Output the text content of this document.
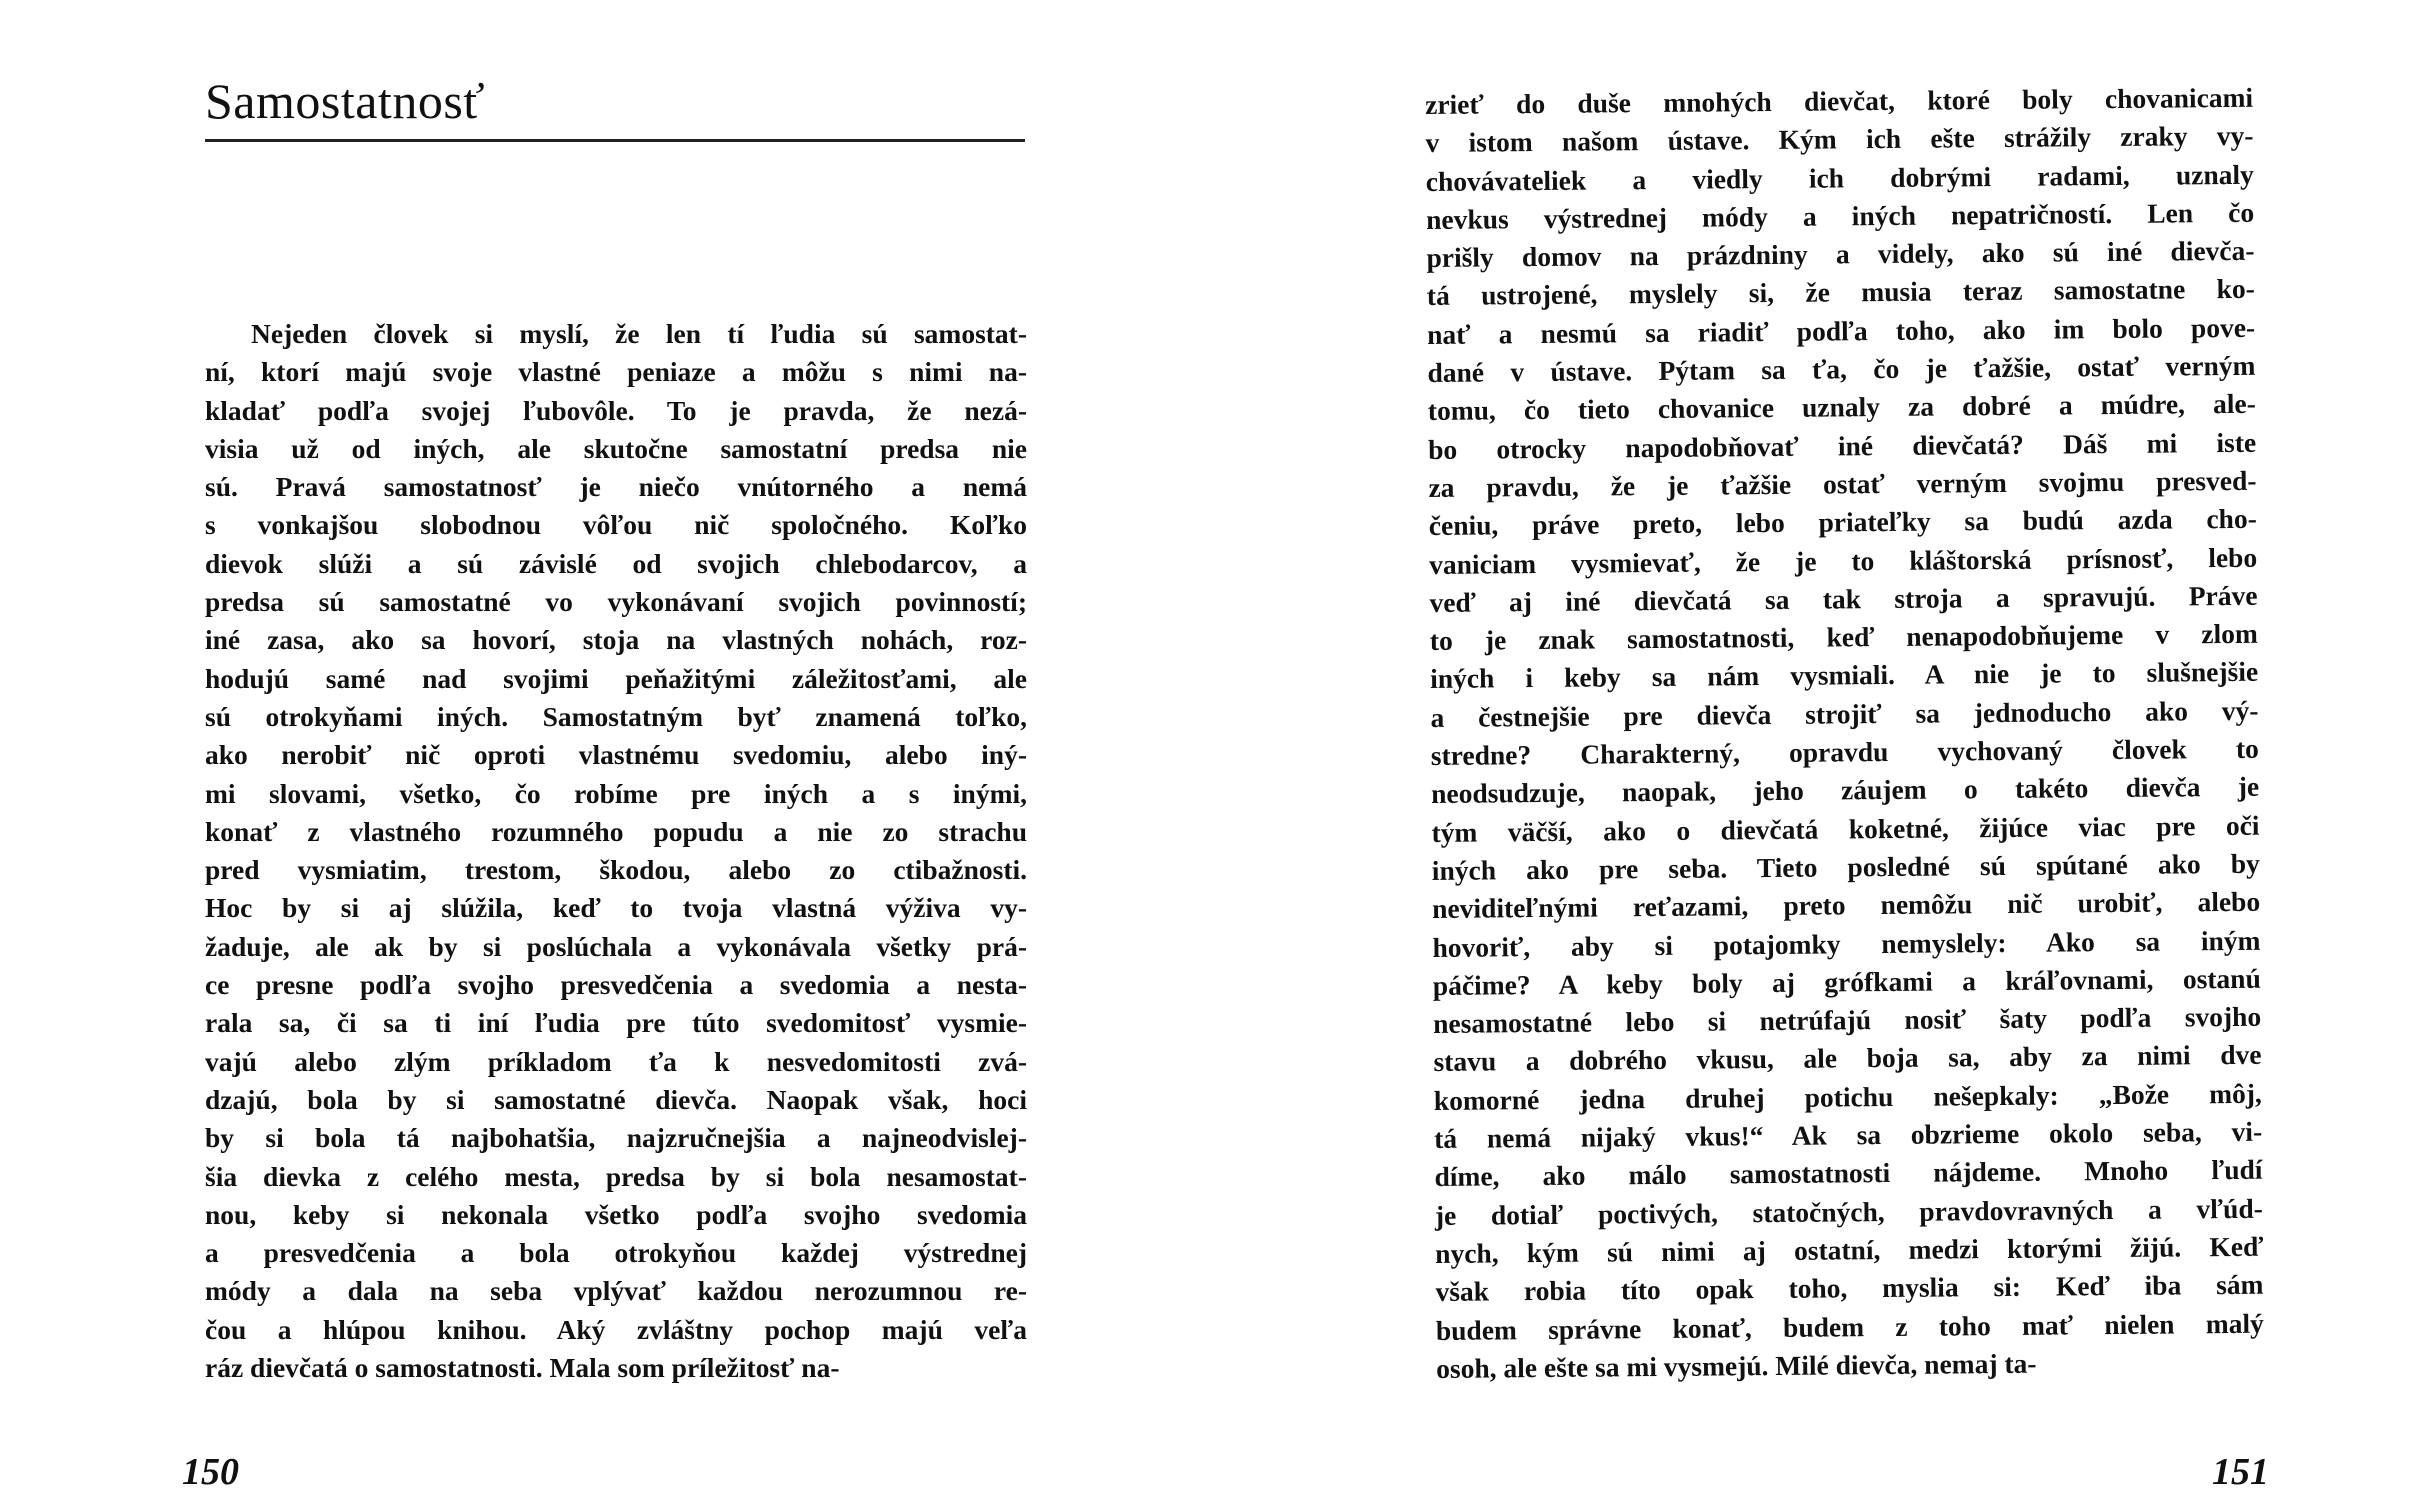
Samostatnosť
Nejeden človek si myslí, že len tí ľudia sú samostat-
ní, ktorí majú svoje vlastné peniaze a môžu s nimi na-
kladať podľa svojej ľubovôle. To je pravda, že nezá-
visia už od iných, ale skutočne samostatní predsa nie
sú. Pravá samostatnosť je niečo vnútorného a nemá
s vonkajšou slobodnou vôľou nič spoločného. Koľko
dievok slúži a sú závislé od svojich chlebodarcov, a
predsa sú samostatné vo vykonávaní svojich povinností;
iné zasa, ako sa hovorí, stoja na vlastných nohách, roz-
hodujú samé nad svojimi peňažitými záležitosťami, ale
sú otrokyňami iných. Samostatným byť znamená toľko,
ako nerobiť nič oproti vlastnému svedomiu, alebo iný-
mi slovami, všetko, čo robíme pre iných a s inými,
konať z vlastného rozumného popudu a nie zo strachu
pred vysmiatim, trestom, škodou, alebo zo ctibažnosti.
Hoc by si aj slúžila, keď to tvoja vlastná výživa vy-
žaduje, ale ak by si poslúchala a vykonávala všetky prá-
ce presne podľa svojho presvedčenia a svedomia a nesta-
rala sa, či sa ti iní ľudia pre túto svedomitosť vysmie-
vajú alebo zlým príkladom ťa k nesvedomitosti zvá-
dzajú, bola by si samostatné dievča. Naopak však, hoci
by si bola tá najbohatšia, najzručnejšia a najneodvislej-
šia dievka z celého mesta, predsa by si bola nesamostat-
nou, keby si nekonala všetko podľa svojho svedomia
a presvedčenia a bola otrokyňou každej výstrednej
módy a dala na seba vplývať každou nerozumnou re-
čou a hlúpou knihou. Aký zvláštny pochop majú veľa
ráz dievčatá o samostatnosti. Mala som príležitosť na-
150
zrieť do duše mnohých dievčat, ktoré boly chovanicami
v istom našom ústave. Kým ich ešte strážily zraky vy-
chovávateliek a viedly ich dobrými radami, uznaly
nevkus výstrednej módy a iných nepatričností. Len čo
prišly domov na prázdniny a videly, ako sú iné dievča-
tá ustrojené, myslely si, že musia teraz samostatne ko-
nať a nesmú sa riadiť podľa toho, ako im bolo pove-
dané v ústave. Pýtam sa ťa, čo je ťažšie, ostať verným
tomu, čo tieto chovanice uznaly za dobré a múdre, ale-
bo otrocky napodobňovať iné dievčatá? Dáš mi iste
za pravdu, že je ťažšie ostať verným svojmu presved-
čeniu, práve preto, lebo priateľky sa budú azda cho-
vaniciam vysmievať, že je to kláštorská prísnosť, lebo
veď aj iné dievčatá sa tak stroja a spravujú. Práve
to je znak samostatnosti, keď nenapodobňujeme v zlom
iných i keby sa nám vysmiali. A nie je to slušnejšie
a čestnejšie pre dievča strojiť sa jednoducho ako vý-
stredne? Charakterný, opravdu vychovaný človek to
neodsudzuje, naopak, jeho záujem o takéto dievča je
tým väčší, ako o dievčatá koketné, žijúce viac pre oči
iných ako pre seba. Tieto posledné sú spútané ako by
neviditeľnými reťazami, preto nemôžu nič urobiť, alebo
hovoriť, aby si potajomky nemyslely: Ako sa iným
páčime? A keby boly aj grófkami a kráľovnami, ostanú
nesamostatné lebo si netrúfajú nosiť šaty podľa svojho
stavu a dobrého vkusu, ale boja sa, aby za nimi dve
komorné jedna druhej potichu nešepkaly: „Bože môj,
tá nemá nijaký vkus!“ Ak sa obzrieme okolo seba, vi-
díme, ako málo samostatnosti nájdeme. Mnoho ľudí
je dotiaľ poctivých, statočných, pravdovravných a vľúd-
nych, kým sú nimi aj ostatní, medzi ktorými žijú. Keď
však robia títo opak toho, myslia si: Keď iba sám
budem správne konať, budem z toho mať nielen malý
osoh, ale ešte sa mi vysmejú. Milé dievča, nemaj ta-
151
